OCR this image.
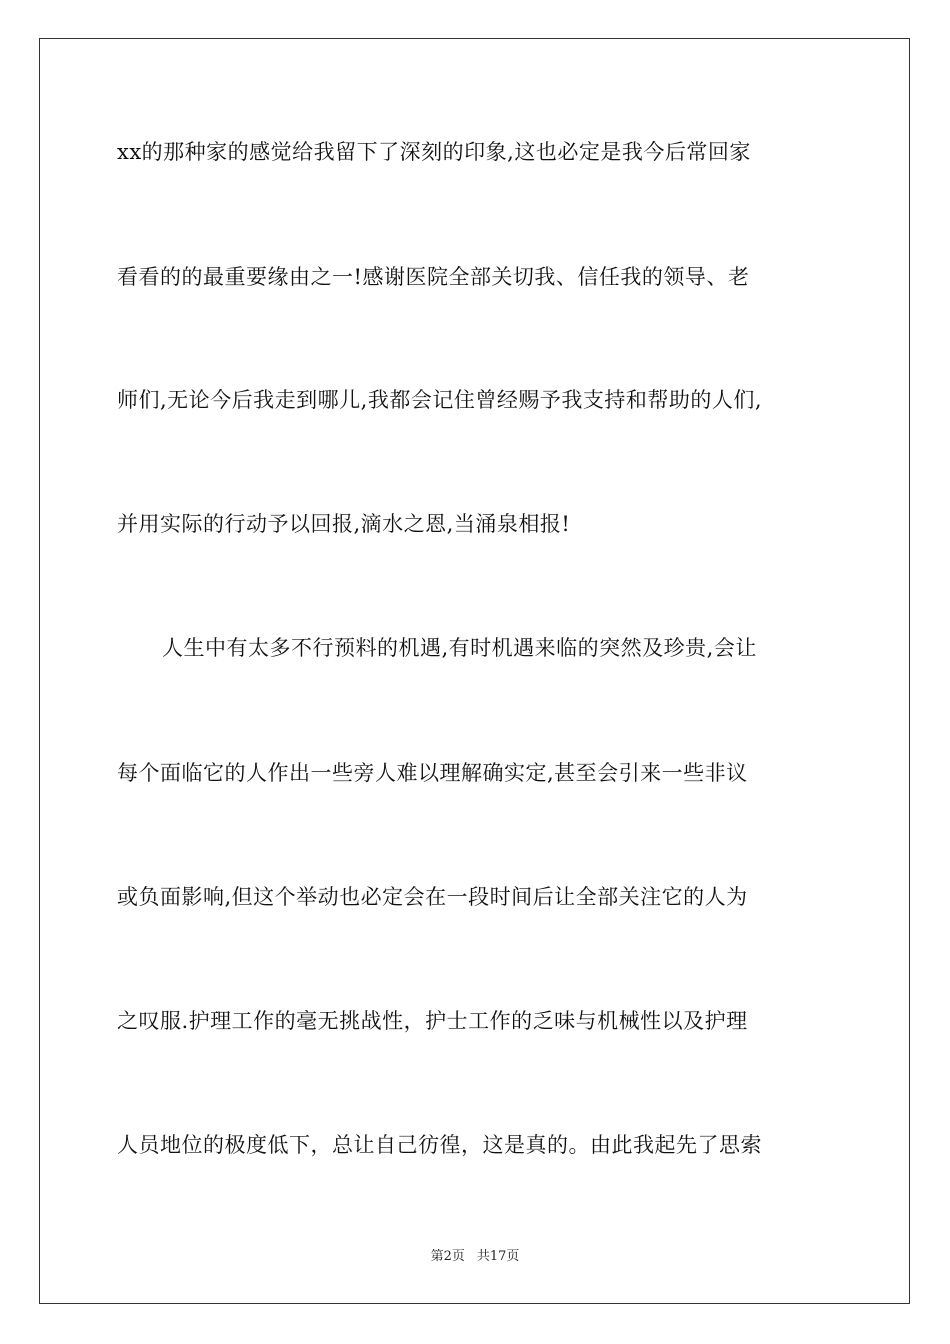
xx的那种家的感觉给我留下了深刻的印象,这也必定是我今后常回家
看看的的最重要缘由之一!感谢医院全部关切我、信任我的领导、老
师们,无论今后我走到哪儿,我都会记住曾经赐予我支持和帮助的人们,
并用实际的行动予以回报,滴水之恩,当涌泉相报!
人生中有太多不行预料的机遇,有时机遇来临的突然及珍贵,会让
每个面临它的人作出一些旁人难以理解确实定,甚至会引来一些非议
或负面影响,但这个举动也必定会在一段时间后让全部关注它的人为
之叹服.护理工作的毫无挑战性，护士工作的乏味与机械性以及护理
人员地位的极度低下，总让自己彷徨，这是真的。由此我起先了思索
第2页 共17页
